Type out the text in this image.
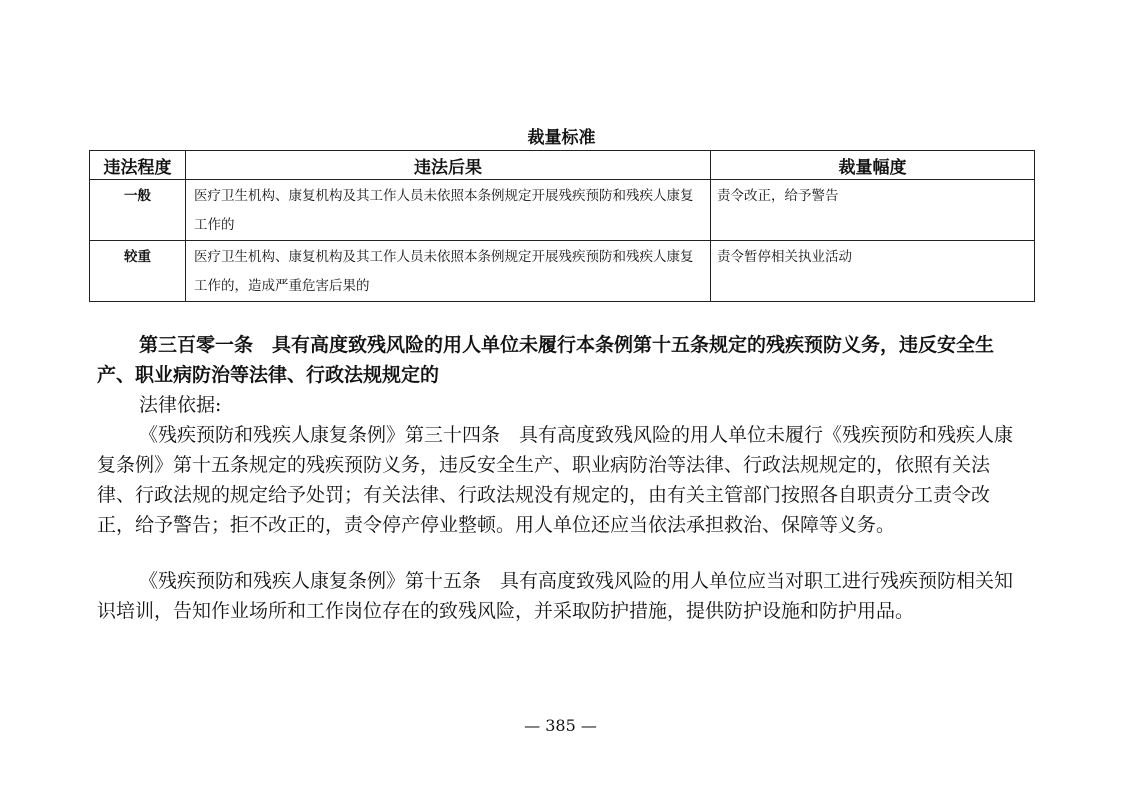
裁量标准
违法程度	违法后果	裁量幅度
一般	医疗卫生机构、康复机构及其工作人员未依照本条例规定开展残疾预防和残疾人康复工作的	责令改正，给予警告
较重	医疗卫生机构、康复机构及其工作人员未依照本条例规定开展残疾预防和残疾人康复工作的，造成严重危害后果的	责令暂停相关执业活动

第三百零一条　具有高度致残风险的用人单位未履行本条例第十五条规定的残疾预防义务，违反安全生产、职业病防治等法律、行政法规规定的

法律依据:

《残疾预防和残疾人康复条例》第三十四条　具有高度致残风险的用人单位未履行《残疾预防和残疾人康复条例》第十五条规定的残疾预防义务，违反安全生产、职业病防治等法律、行政法规规定的，依照有关法律、行政法规的规定给予处罚；有关法律、行政法规没有规定的，由有关主管部门按照各自职责分工责令改正，给予警告；拒不改正的，责令停产停业整顿。用人单位还应当依法承担救治、保障等义务。

《残疾预防和残疾人康复条例》第十五条　具有高度致残风险的用人单位应当对职工进行残疾预防相关知识培训，告知作业场所和工作岗位存在的致残风险，并采取防护措施，提供防护设施和防护用品。

— 385 —
